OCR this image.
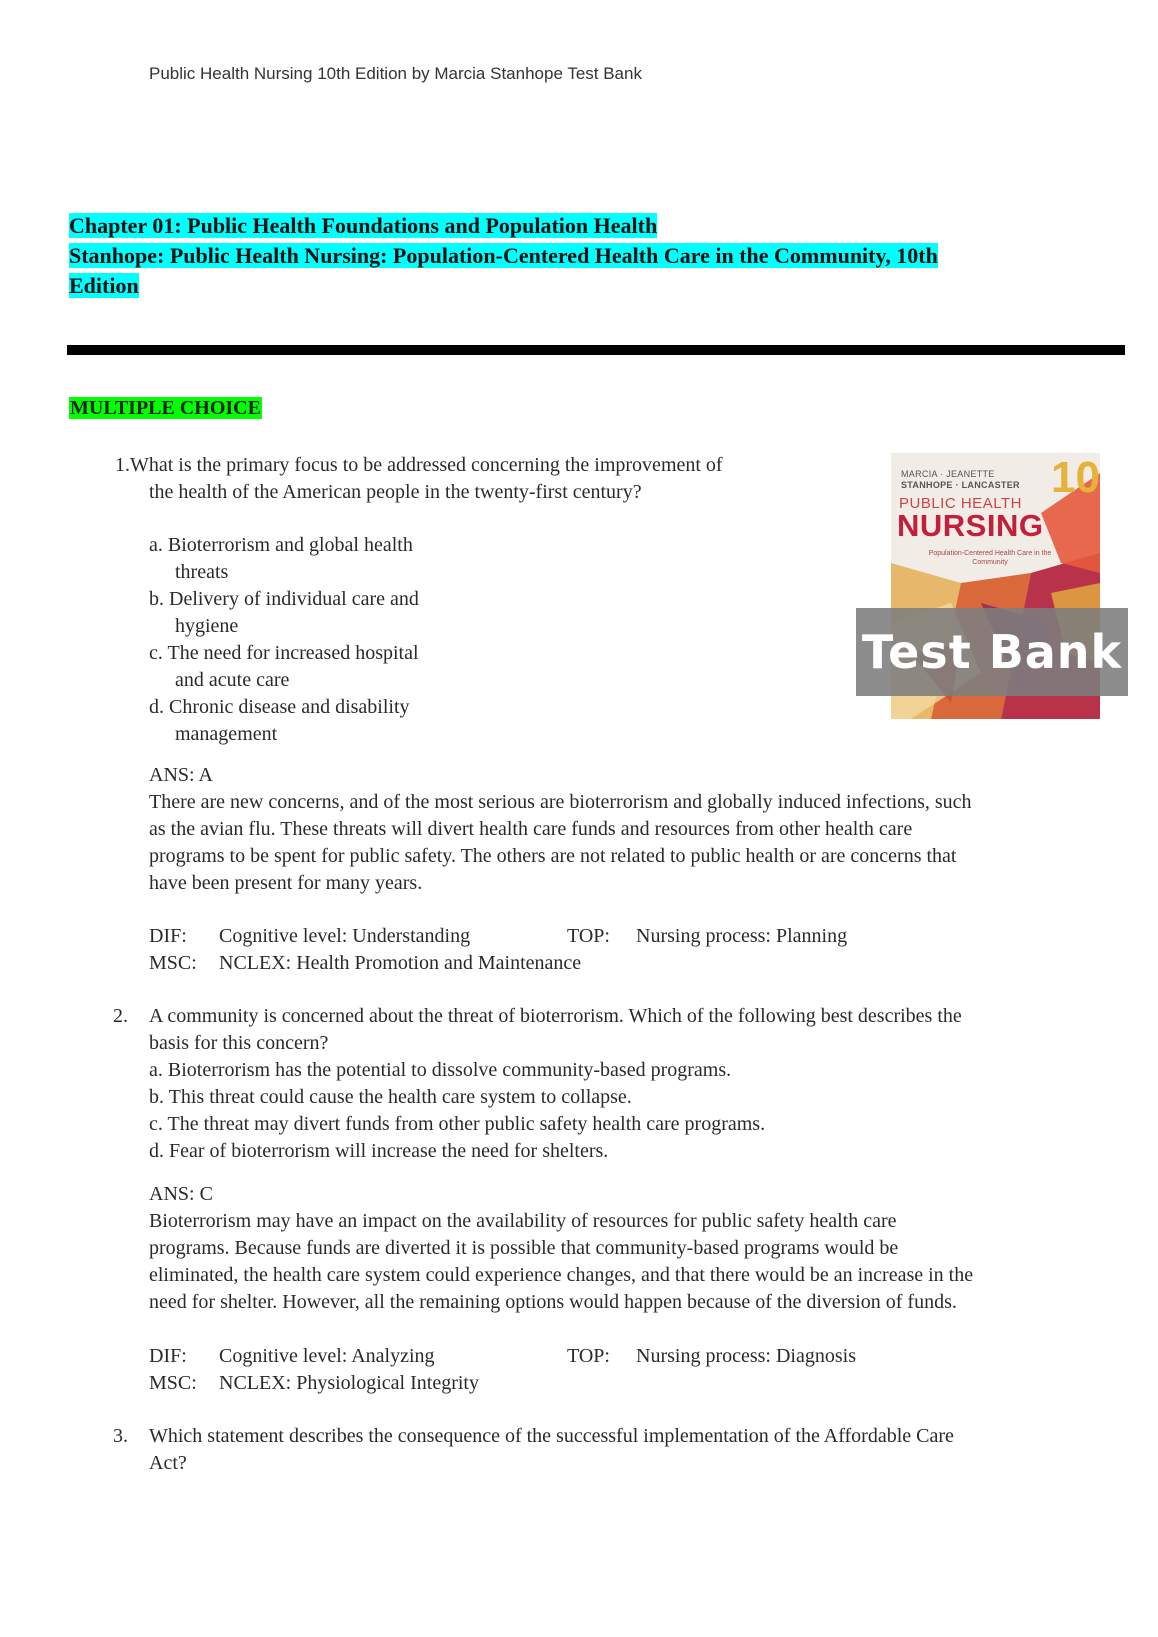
Public Health Nursing 10th Edition by Marcia Stanhope Test Bank
Chapter 01: Public Health Foundations and Population Health
Stanhope: Public Health Nursing: Population-Centered Health Care in the Community, 10th
Edition
MULTIPLE CHOICE
1.What is the primary focus to be addressed concerning the improvement of
the health of the American people in the twenty-first century?
a. Bioterrorism and global health
threats
b. Delivery of individual care and
hygiene
c. The need for increased hospital
and acute care
d. Chronic disease and disability
management
ANS: A
There are new concerns, and of the most serious are bioterrorism and globally induced infections, such
as the avian flu. These threats will divert health care funds and resources from other health care
programs to be spent for public safety. The others are not related to public health or are concerns that
have been present for many years.
DIF: Cognitive level: Understanding	TOP: Nursing process: Planning
MSC: NCLEX: Health Promotion and Maintenance
2. A community is concerned about the threat of bioterrorism. Which of the following best describes the
basis for this concern?
a. Bioterrorism has the potential to dissolve community-based programs.
b. This threat could cause the health care system to collapse.
c. The threat may divert funds from other public safety health care programs.
d. Fear of bioterrorism will increase the need for shelters.
ANS: C
Bioterrorism may have an impact on the availability of resources for public safety health care
programs. Because funds are diverted it is possible that community-based programs would be
eliminated, the health care system could experience changes, and that there would be an increase in the
need for shelter. However, all the remaining options would happen because of the diversion of funds.
DIF: Cognitive level: Analyzing	TOP: Nursing process: Diagnosis
MSC: NCLEX: Physiological Integrity
3. Which statement describes the consequence of the successful implementation of the Affordable Care
Act?
MARCIA · JEANETTE
STANHOPE · LANCASTER 10
PUBLIC HEALTH
NURSING
Population-Centered Health Care in the Community
Test Bank
